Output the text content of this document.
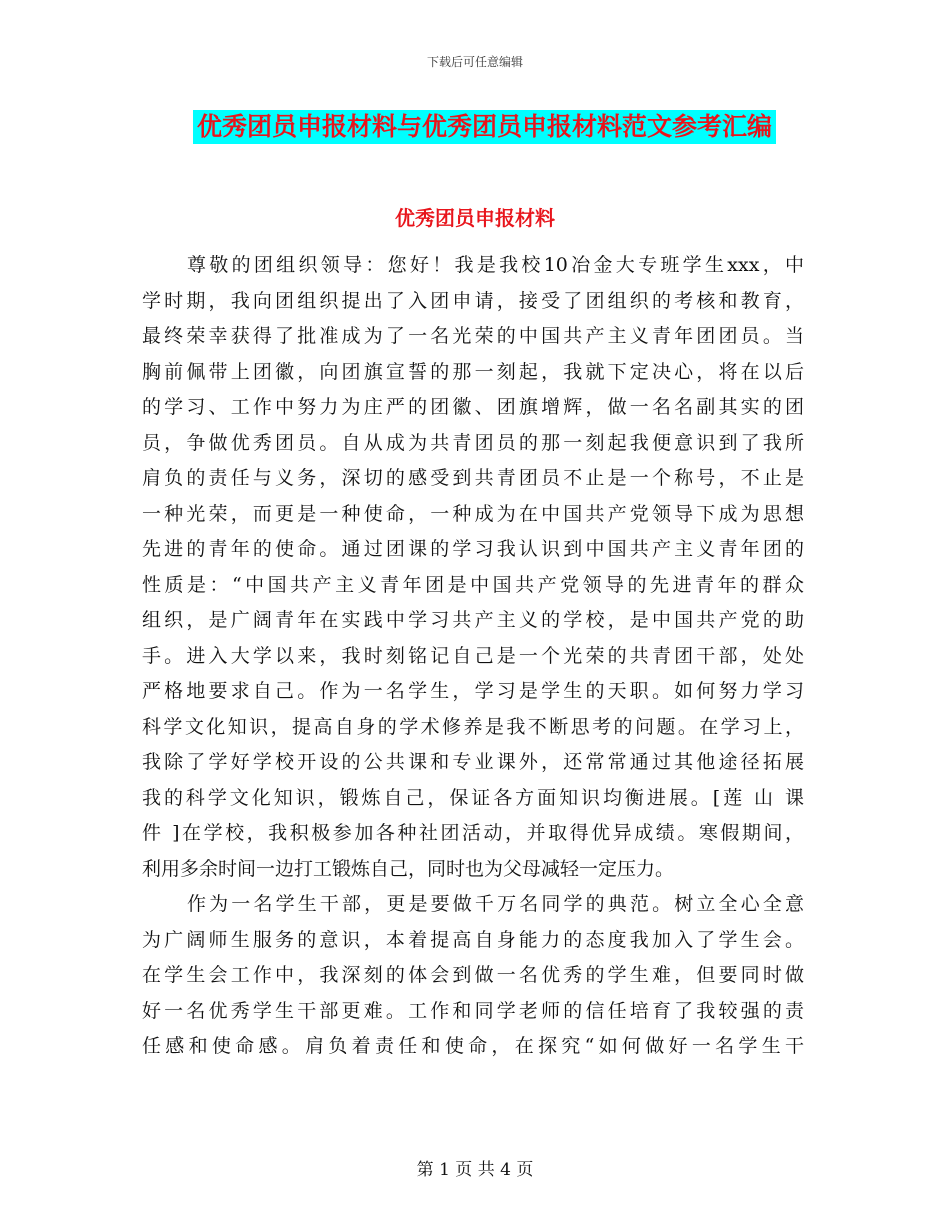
下载后可任意编辑
优秀团员申报材料与优秀团员申报材料范文参考汇编
优秀团员申报材料
尊敬的团组织领导：您好！我是我校10冶金大专班学生xxx，中
学时期，我向团组织提出了入团申请，接受了团组织的考核和教育，
最终荣幸获得了批准成为了一名光荣的中国共产主义青年团团员。当
胸前佩带上团徽，向团旗宣誓的那一刻起，我就下定决心，将在以后
的学习、工作中努力为庄严的团徽、团旗增辉，做一名名副其实的团
员，争做优秀团员。自从成为共青团员的那一刻起我便意识到了我所
肩负的责任与义务，深切的感受到共青团员不止是一个称号，不止是
一种光荣，而更是一种使命，一种成为在中国共产党领导下成为思想
先进的青年的使命。通过团课的学习我认识到中国共产主义青年团的
性质是：“中国共产主义青年团是中国共产党领导的先进青年的群众
组织，是广阔青年在实践中学习共产主义的学校，是中国共产党的助
手。进入大学以来，我时刻铭记自己是一个光荣的共青团干部，处处
严格地要求自己。作为一名学生，学习是学生的天职。如何努力学习
科学文化知识，提高自身的学术修养是我不断思考的问题。在学习上，
我除了学好学校开设的公共课和专业课外，还常常通过其他途径拓展
我的科学文化知识，锻炼自己，保证各方面知识均衡进展。[莲 山 课
件 ]在学校，我积极参加各种社团活动，并取得优异成绩。寒假期间，
利用多余时间一边打工锻炼自己，同时也为父母减轻一定压力。
作为一名学生干部，更是要做千万名同学的典范。树立全心全意
为广阔师生服务的意识，本着提高自身能力的态度我加入了学生会。
在学生会工作中，我深刻的体会到做一名优秀的学生难，但要同时做
好一名优秀学生干部更难。工作和同学老师的信任培育了我较强的责
任感和使命感。肩负着责任和使命，在探究“如何做好一名学生干
第 1 页 共 4 页
